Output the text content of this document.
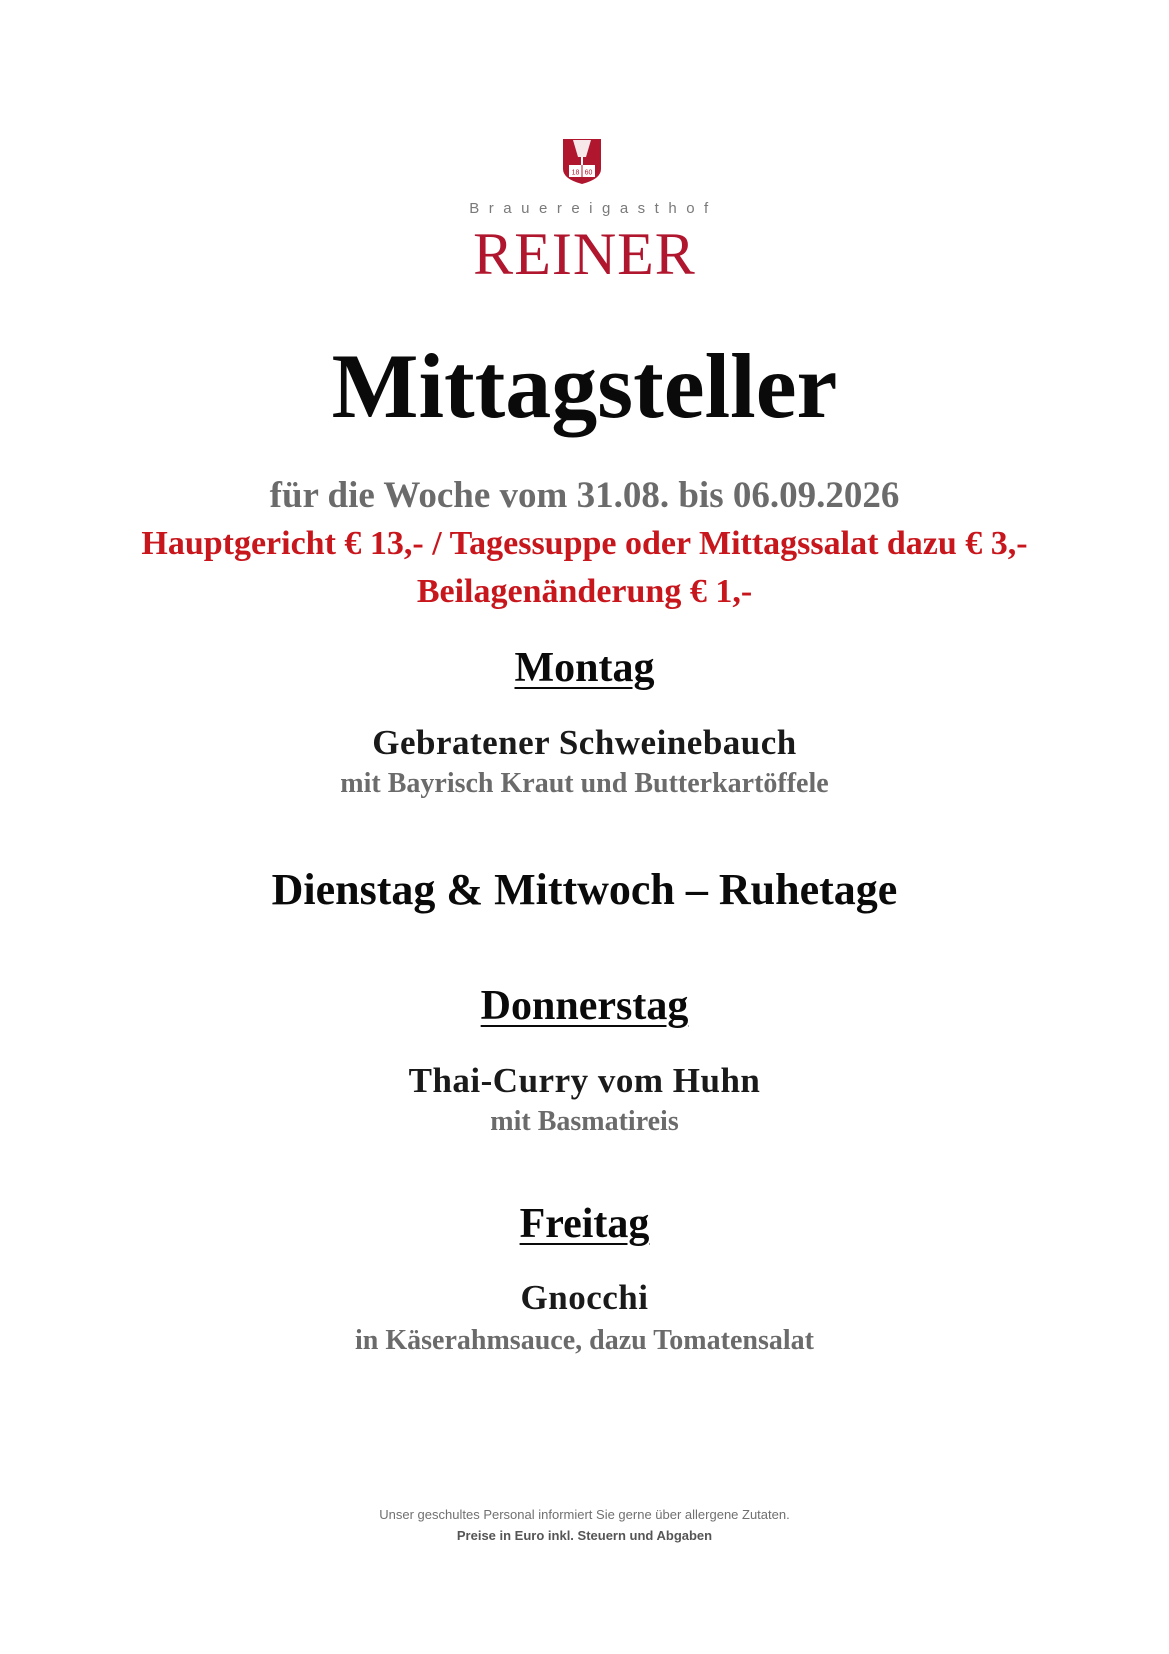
18 60
Brauereigasthof
REINER
Mittagsteller
für die Woche vom 31.08. bis 06.09.2026
Hauptgericht € 13,- / Tagessuppe oder Mittagssalat dazu € 3,-
Beilagenänderung € 1,-
Montag
Gebratener Schweinebauch
mit Bayrisch Kraut und Butterkartöffele
Dienstag & Mittwoch – Ruhetage
Donnerstag
Thai-Curry vom Huhn
mit Basmatireis
Freitag
Gnocchi
in Käserahmsauce, dazu Tomatensalat
Unser geschultes Personal informiert Sie gerne über allergene Zutaten.
Preise in Euro inkl. Steuern und Abgaben
